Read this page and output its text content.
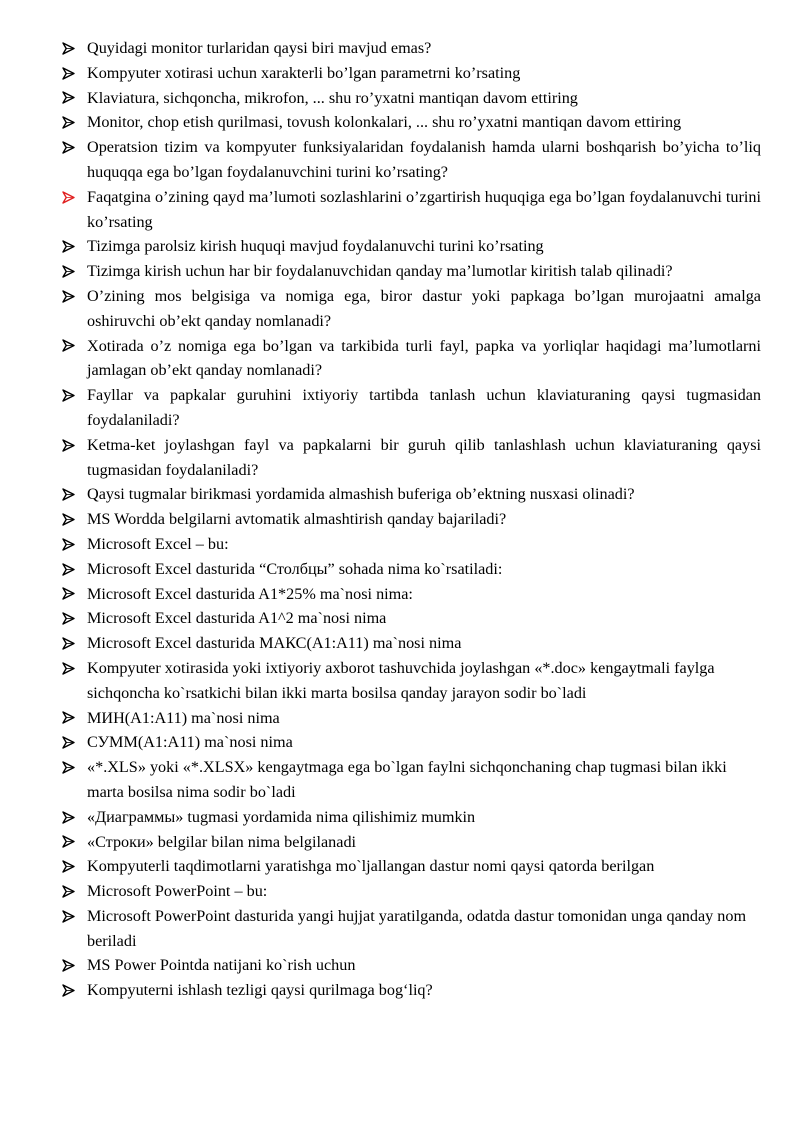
Quyidagi monitor turlaridan qaysi biri mavjud emas?
Kompyuter xotirasi uchun xarakterli bo’lgan parametrni ko’rsating
Klaviatura, sichqoncha, mikrofon, ... shu ro’yxatni mantiqan davom ettiring
Monitor, chop etish qurilmasi, tovush kolonkalari, ... shu ro’yxatni mantiqan davom ettiring
Operatsion tizim va kompyuter funksiyalaridan foydalanish hamda ularni boshqarish bo’yicha to’liq huquqqa ega bo’lgan foydalanuvchini turini ko’rsating?
Faqatgina o’zining qayd ma’lumoti sozlashlarini o’zgartirish huquqiga ega bo’lgan foydalanuvchi turini ko’rsating
Tizimga parolsiz kirish huquqi mavjud foydalanuvchi turini ko’rsating
Tizimga kirish uchun har bir foydalanuvchidan qanday ma’lumotlar kiritish talab qilinadi?
O’zining mos belgisiga va nomiga ega, biror dastur yoki papkaga bo’lgan murojaatni amalga oshiruvchi ob’ekt qanday nomlanadi?
Xotirada o’z nomiga ega bo’lgan va tarkibida turli fayl, papka va yorliqlar haqidagi ma’lumotlarni jamlagan ob’ekt qanday nomlanadi?
Fayllar va papkalar guruhini ixtiyoriy tartibda tanlash uchun klaviaturaning qaysi tugmasidan foydalaniladi?
Ketma-ket joylashgan fayl va papkalarni bir guruh qilib tanlashlash uchun klaviaturaning qaysi tugmasidan foydalaniladi?
Qaysi tugmalar birikmasi yordamida almashish buferiga ob’ektning nusxasi olinadi?
MS Wordda belgilarni avtomatik almashtirish qanday bajariladi?
Microsoft Excel – bu:
Microsoft Excel dasturida “Столбцы” sohada nima ko`rsatiladi:
Microsoft Excel dasturida A1*25% ma`nosi nima:
Microsoft Excel dasturida A1^2 ma`nosi nima
Microsoft Excel dasturida МАКС(A1:A11) ma`nosi nima
Kompyuter xotirasida yoki ixtiyoriy axborot tashuvchida joylashgan «*.doc» kengaytmali faylga sichqoncha ko`rsatkichi bilan ikki marta bosilsa qanday jarayon sodir bo`ladi
МИН(A1:A11) ma`nosi nima
СУММ(A1:A11) ma`nosi nima
«*.XLS» yoki «*.XLSX» kengaytmaga ega bo`lgan faylni sichqonchaning chap tugmasi bilan ikki marta bosilsa nima sodir bo`ladi
«Диаграммы» tugmasi yordamida nima qilishimiz mumkin
«Строки» belgilar bilan nima belgilanadi
Kompyuterli taqdimotlarni yaratishga mo`ljallangan dastur nomi qaysi qatorda berilgan
Microsoft PowerPoint – bu:
Microsoft PowerPoint dasturida yangi hujjat yaratilganda, odatda dastur tomonidan unga qanday nom beriladi
MS Power Pointda natijani ko`rish uchun
Kompyuterni ishlash tezligi qaysi qurilmaga bog‘liq?
